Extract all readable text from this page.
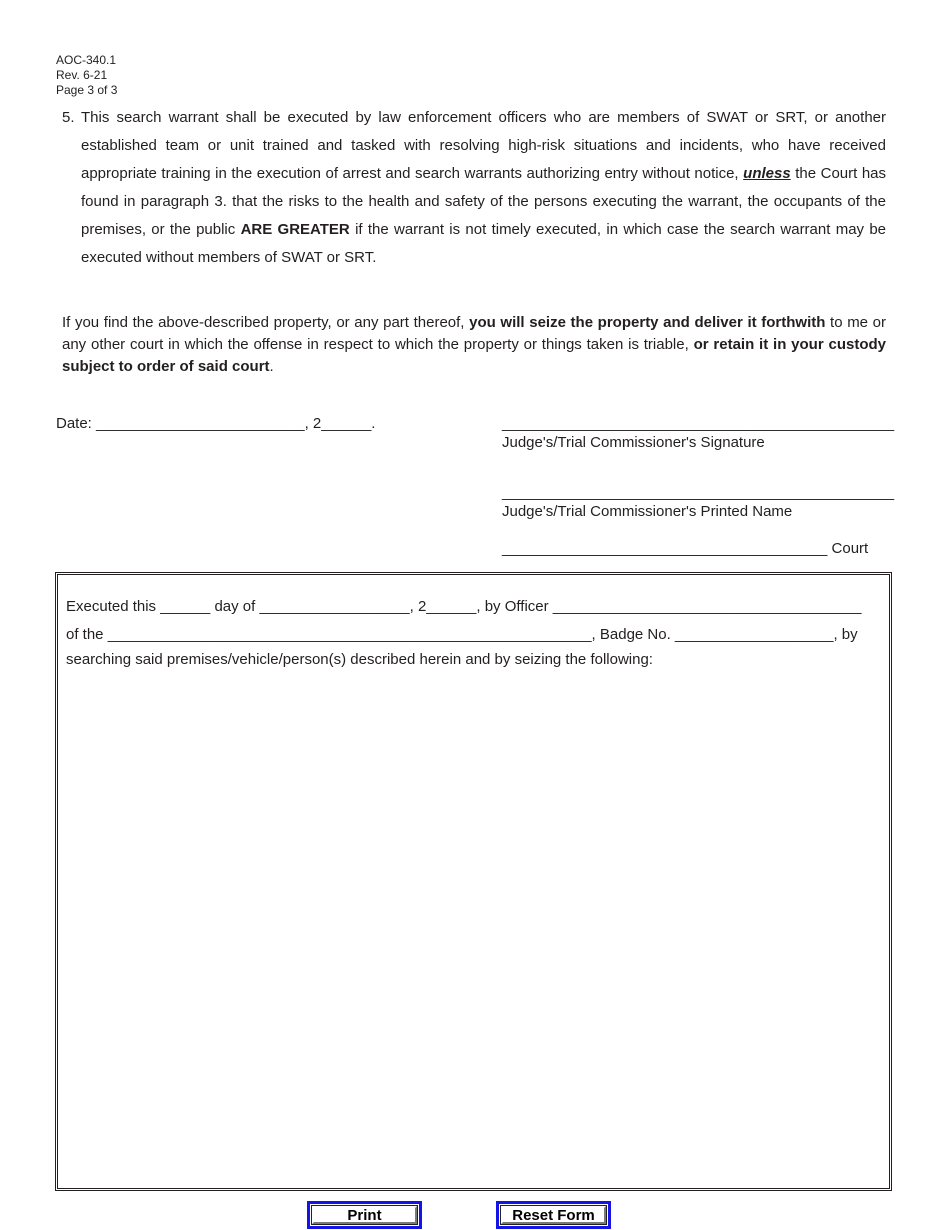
AOC-340.1
Rev. 6-21
Page 3 of 3
5. This search warrant shall be executed by law enforcement officers who are members of SWAT or SRT, or another established team or unit trained and tasked with resolving high-risk situations and incidents, who have received appropriate training in the execution of arrest and search warrants authorizing entry without notice, unless the Court has found in paragraph 3. that the risks to the health and safety of the persons executing the warrant, the occupants of the premises, or the public ARE GREATER if the warrant is not timely executed, in which case the search warrant may be executed without members of SWAT or SRT.
If you find the above-described property, or any part thereof, you will seize the property and deliver it forthwith to me or any other court in which the offense in respect to which the property or things taken is triable, or retain it in your custody subject to order of said court.
Date: _________________________, 2______.	_______________________________________________
Judge's/Trial Commissioner's Signature
_______________________________________________
Judge's/Trial Commissioner's Printed Name
_______________________________________ Court
Executed this ______ day of __________________, 2______, by Officer _____________________________________
of the __________________________________________________________, Badge No. ___________________, by
searching said premises/vehicle/person(s) described herein and by seizing the following:
Print	Reset Form
